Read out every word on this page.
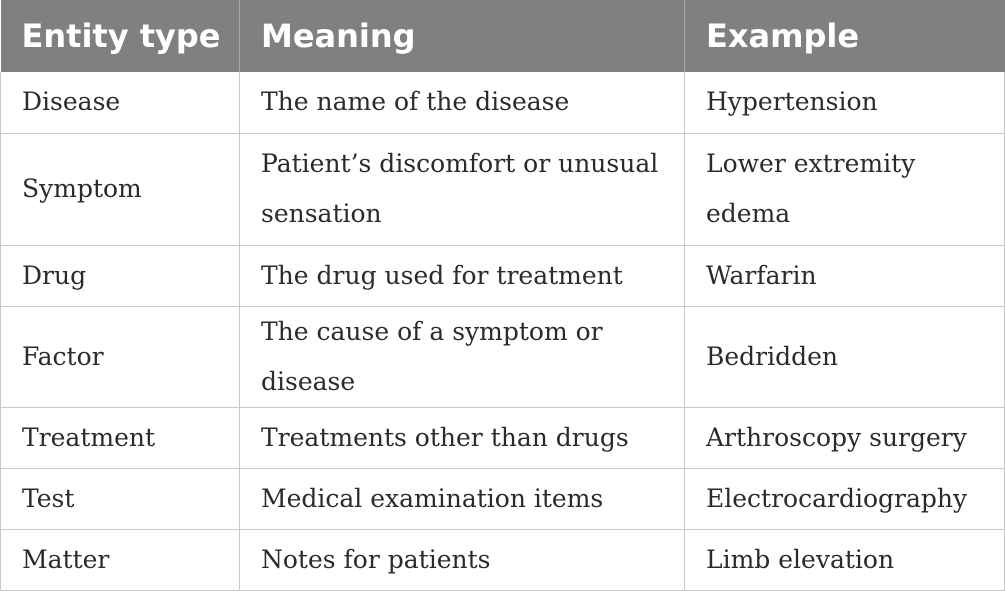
Entity type	Meaning	Example
Disease	The name of the disease	Hypertension
Symptom	Patient’s discomfort or unusual sensation	Lower extremity edema
Drug	The drug used for treatment	Warfarin
Factor	The cause of a symptom or disease	Bedridden
Treatment	Treatments other than drugs	Arthroscopy surgery
Test	Medical examination items	Electrocardiography
Matter	Notes for patients	Limb elevation
